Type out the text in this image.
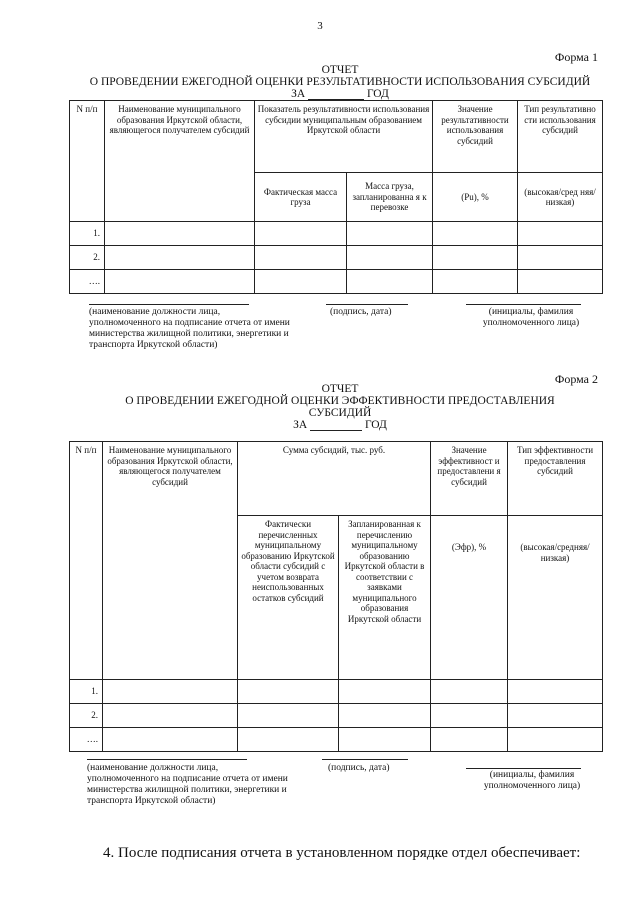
3
Форма 1
ОТЧЕТ
О ПРОВЕДЕНИИ ЕЖЕГОДНОЙ ОЦЕНКИ РЕЗУЛЬТАТИВНОСТИ ИСПОЛЬЗОВАНИЯ СУБСИДИЙ
ЗА	ГОД
N п/п	Наименование муниципального образования Иркутской области, являющегося получателем субсидий	Показатель результативности использования субсидии муниципальным образованием Иркутской области		Значение результативности использования субсидий	Тип результативно сти использования субсидий
		Фактическая масса груза	Масса груза, запланированна я к перевозке	(Pu), %	(высокая/сред няя/низкая)
1.					
2.					
….					
(наименование должности лица, уполномоченного на подписание отчета от имени министерства жилищной политики, энергетики и транспорта Иркутской области)
(подпись, дата)	(инициалы, фамилия уполномоченного лица)
Форма 2
ОТЧЕТ
О ПРОВЕДЕНИИ ЕЖЕГОДНОЙ ОЦЕНКИ ЭФФЕКТИВНОСТИ ПРЕДОСТАВЛЕНИЯ
СУБСИДИЙ
ЗА	ГОД
N п/п	Наименование муниципального образования Иркутской области, являющегося получателем субсидий	Сумма субсидий, тыс. руб.		Значение эффективност и предоставлени я субсидий	Тип эффективности предоставления субсидий
		Фактически перечисленных муниципальному образованию Иркутской области субсидий с учетом возврата неиспользованных остатков субсидий	Запланированная к перечислению муниципальному образованию Иркутской области в соответствии с заявками муниципального образования Иркутской области	(Эфр), %	(высокая/средняя/ низкая)
1.					
2.					
….					
(наименование должности лица, уполномоченного на подписание отчета от имени министерства жилищной политики, энергетики и транспорта Иркутской области)
(подпись, дата)
(инициалы, фамилия уполномоченного лица)
4. После подписания отчета в установленном порядке отдел обеспечивает:
